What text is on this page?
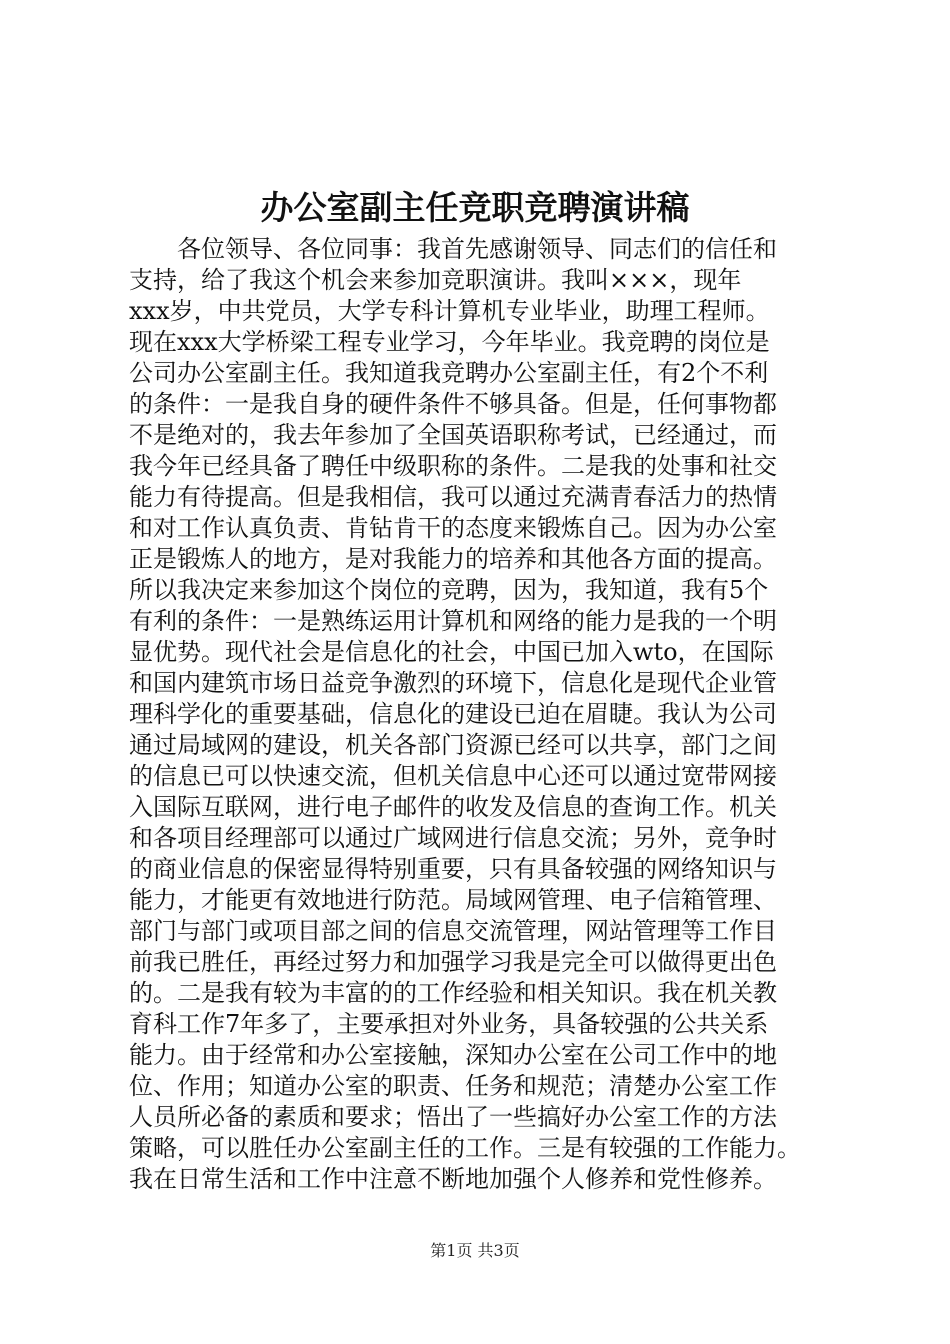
办公室副主任竞职竞聘演讲稿
　　各位领导、各位同事：我首先感谢领导、同志们的信任和
支持，给了我这个机会来参加竞职演讲。我叫×××，现年
xxx岁，中共党员，大学专科计算机专业毕业，助理工程师。
现在xxx大学桥梁工程专业学习，今年毕业。我竞聘的岗位是
公司办公室副主任。我知道我竞聘办公室副主任，有2个不利
的条件：一是我自身的硬件条件不够具备。但是，任何事物都
不是绝对的，我去年参加了全国英语职称考试，已经通过，而
我今年已经具备了聘任中级职称的条件。二是我的处事和社交
能力有待提高。但是我相信，我可以通过充满青春活力的热情
和对工作认真负责、肯钻肯干的态度来锻炼自己。因为办公室
正是锻炼人的地方，是对我能力的培养和其他各方面的提高。
所以我决定来参加这个岗位的竞聘，因为，我知道，我有5个
有利的条件：一是熟练运用计算机和网络的能力是我的一个明
显优势。现代社会是信息化的社会，中国已加入wto，在国际
和国内建筑市场日益竞争激烈的环境下，信息化是现代企业管
理科学化的重要基础，信息化的建设已迫在眉睫。我认为公司
通过局域网的建设，机关各部门资源已经可以共享，部门之间
的信息已可以快速交流，但机关信息中心还可以通过宽带网接
入国际互联网，进行电子邮件的收发及信息的查询工作。机关
和各项目经理部可以通过广域网进行信息交流；另外，竞争时
的商业信息的保密显得特别重要，只有具备较强的网络知识与
能力，才能更有效地进行防范。局域网管理、电子信箱管理、
部门与部门或项目部之间的信息交流管理，网站管理等工作目
前我已胜任，再经过努力和加强学习我是完全可以做得更出色
的。二是我有较为丰富的的工作经验和相关知识。我在机关教
育科工作7年多了，主要承担对外业务，具备较强的公共关系
能力。由于经常和办公室接触，深知办公室在公司工作中的地
位、作用；知道办公室的职责、任务和规范；清楚办公室工作
人员所必备的素质和要求；悟出了一些搞好办公室工作的方法
策略，可以胜任办公室副主任的工作。三是有较强的工作能力。
我在日常生活和工作中注意不断地加强个人修养和党性修养。
第1页 共3页
